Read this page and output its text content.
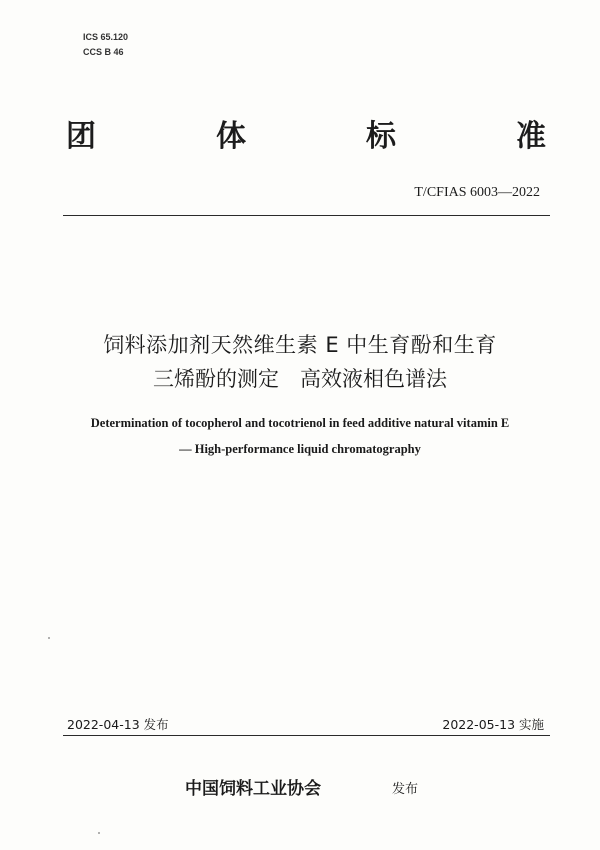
ICS 65.120
CCS B 46
团	体	标	准
T/CFIAS 6003—2022
饲料添加剂天然维生素 E 中生育酚和生育
三烯酚的测定　高效液相色谱法
Determination of tocopherol and tocotrienol in feed additive natural vitamin E
— High-performance liquid chromatography
2022-04-13 发布	2022-05-13 实施
中国饲料工业协会	发布
